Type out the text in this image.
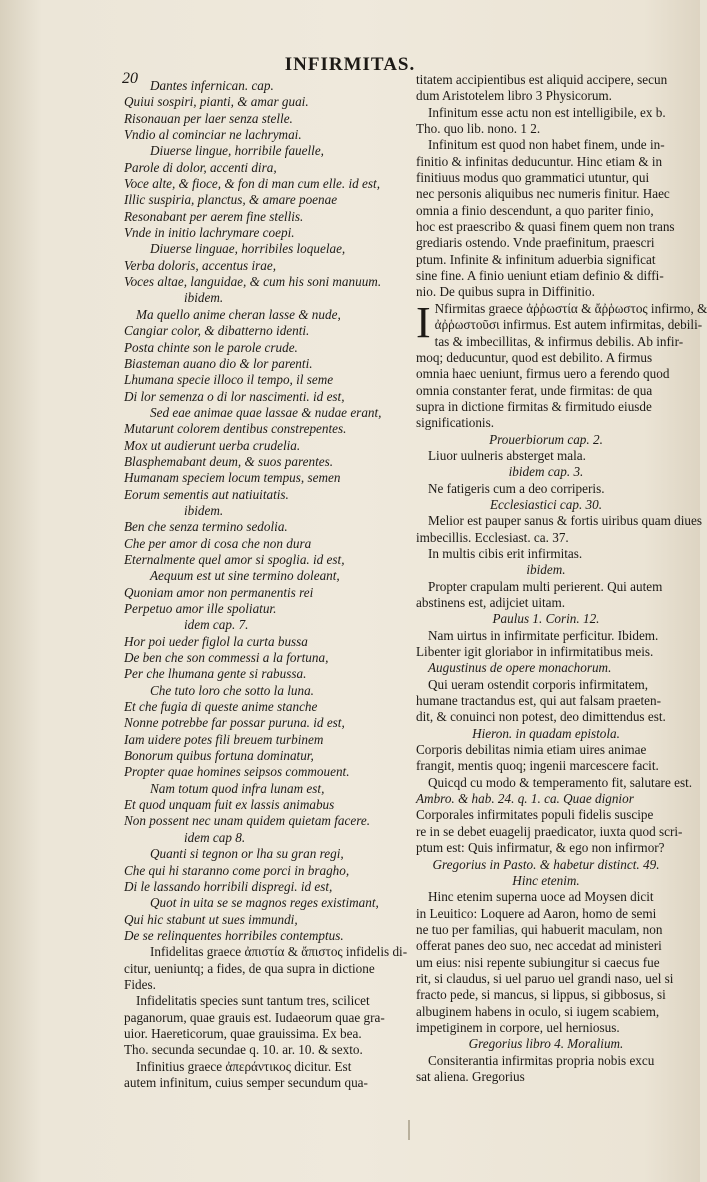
INFIRMITAS.
20 Dantes infernican. cap.
Quiui sospiri, pianti, & amar guai.
Risonauan per laer senza stelle.
Vndio al cominciar ne lachrymai.
Diuerse lingue, horribile fauelle,
Parole di dolor, accenti dira,
Voce alte, & fioce, & fon di man cum elle. id est,
Illic suspiria, planctus, & amare poenae
Resonabant per aerem fine stellis.
Vnde in initio lachrymare coepi.
Diuerse linguae, horribiles loquelae,
Verba doloris, accentus irae,
Voces altae, languidae, & cum his soni manuum.
ibidem.
Ma quello anime cheran lasse & nude,
Cangiar color, & dibatterno identi.
Posta chinte son le parole crude.
Biasteman auano dio & lor parenti.
Lhumana specie illoco il tempo, il seme
Di lor semenza o di lor nascimenti. id est,
Sed eae animae quae lassae & nudae erant,
Mutarunt colorem dentibus constrepentes.
Mox ut audierunt uerba crudelia.
Blasphemabant deum, & suos parentes.
Humanam speciem locum tempus, semen
Eorum sementis aut natiuitatis.
ibidem.
Ben che senza termino sedolia.
Che per amor di cosa che non dura
Eternalmente quel amor si spoglia. id est,
Aequum est ut sine termino doleant,
Quoniam amor non permanentis rei
Perpetuo amor ille spoliatur.
idem cap. 7.
Hor poi ueder figlol la curta bussa
De ben che son commessi a la fortuna,
Per che lhumana gente si rabussa.
Che tuto loro che sotto la luna.
Et che fugia di queste anime stanche
Nonne potrebbe far possar puruna. id est,
Iam uidere potes fili breuem turbinem
Bonorum quibus fortuna dominatur,
Propter quae homines seipsos commouent.
Nam totum quod infra lunam est,
Et quod unquam fuit ex lassis animabus
Non possent nec unam quidem quietam facere.
idem cap 8.
Quanti si tegnon or lha su gran regi,
Che qui hi staranno come porci in bragho,
Di le lassando horribili dispregi. id est,
Quot in uita se se magnos reges existimant,
Qui hic stabunt ut sues immundi,
De se relinquentes horribiles contemptus.
Infidelitas graece ἀπιστία & ἄπιστος infidelis di-
citur, ueniuntq; a fides, de qua supra in dictione
Fides.
Infidelitatis species sunt tantum tres, scilicet
paganorum, quae grauis est. Iudaeorum quae gra-
uior. Haereticorum, quae grauissima. Ex bea.
Tho. secunda secundae q. 10. ar. 10. & sexto.
Infinitius graece ἀπεράντικος dicitur. Est
autem infinitum, cuius semper secundum qua-
titatem accipientibus est aliquid accipere, secun
dum Aristotelem libro 3 Physicorum.
Infinitum esse actu non est intelligibile, ex b.
Tho. quo lib. nono. 1 2.
Infinitum est quod non habet finem, unde in-
finitio & infinitas deducuntur. Hinc etiam & in
finitiuus modus quo grammatici utuntur, qui
nec personis aliquibus nec numeris finitur. Haec
omnia a finio descendunt, a quo pariter finio,
hoc est praescribo & quasi finem quem non trans
grediaris ostendo. Vnde praefinitum, praescri
ptum. Infinite & infinitum aduerbia significat
sine fine. A finio ueniunt etiam definio & diffi-
nio. De quibus supra in Diffinitio.
I Nfirmitas graece ἀῤῥωστία & ἄῤῥωστος infirmo, &
ἀῤῥωστοῦσι infirmus. Est autem infirmitas, debili-
tas & imbecillitas, & infirmus debilis. Ab infir-
moq; deducuntur, quod est debilito. A firmus
omnia haec ueniunt, firmus uero a ferendo quod
omnia constanter ferat, unde firmitas: de qua
supra in dictione firmitas & firmitudo eiusde
significationis.
Prouerbiorum cap. 2.
Liuor uulneris absterget mala.
ibidem cap. 3.
Ne fatigeris cum a deo corriperis.
Ecclesiastici cap. 30.
Melior est pauper sanus & fortis uiribus quam diues
imbecillis. Ecclesiast. ca. 37.
In multis cibis erit infirmitas.
ibidem.
Propter crapulam multi perierent. Qui autem
abstinens est, adijciet uitam.
Paulus 1. Corin. 12.
Nam uirtus in infirmitate perficitur. Ibidem.
Libenter igit gloriabor in infirmitatibus meis.
Augustinus de opere monachorum.
Qui ueram ostendit corporis infirmitatem,
humane tractandus est, qui aut falsam praeten-
dit, & conuinci non potest, deo dimittendus est.
Hieron. in quadam epistola.
Corporis debilitas nimia etiam uires animae
frangit, mentis quoq; ingenii marcescere facit.
Quicqd cu modo & temperamento fit, salutare est.
Ambro. & hab. 24. q. 1. ca. Quae dignior
Corporales infirmitates populi fidelis suscipe
re in se debet euagelij praedicator, iuxta quod scri-
ptum est: Quis infirmatur, & ego non infirmor?
Gregorius in Pasto. & habetur distinct. 49.
Hinc etenim.
Hinc etenim superna uoce ad Moysen dicit
in Leuitico: Loquere ad Aaron, homo de semi
ne tuo per familias, qui habuerit maculam, non
offerat panes deo suo, nec accedat ad ministeri
um eius: nisi repente subiungitur si caecus fue
rit, si claudus, si uel paruo uel grandi naso, uel si
fracto pede, si mancus, si lippus, si gibbosus, si
albuginem habens in oculo, si iugem scabiem,
impetiginem in corpore, uel herniosus.
Gregorius libro 4. Moralium.
Consiterantia infirmitas propria nobis excu
sat aliena. Gregorius
